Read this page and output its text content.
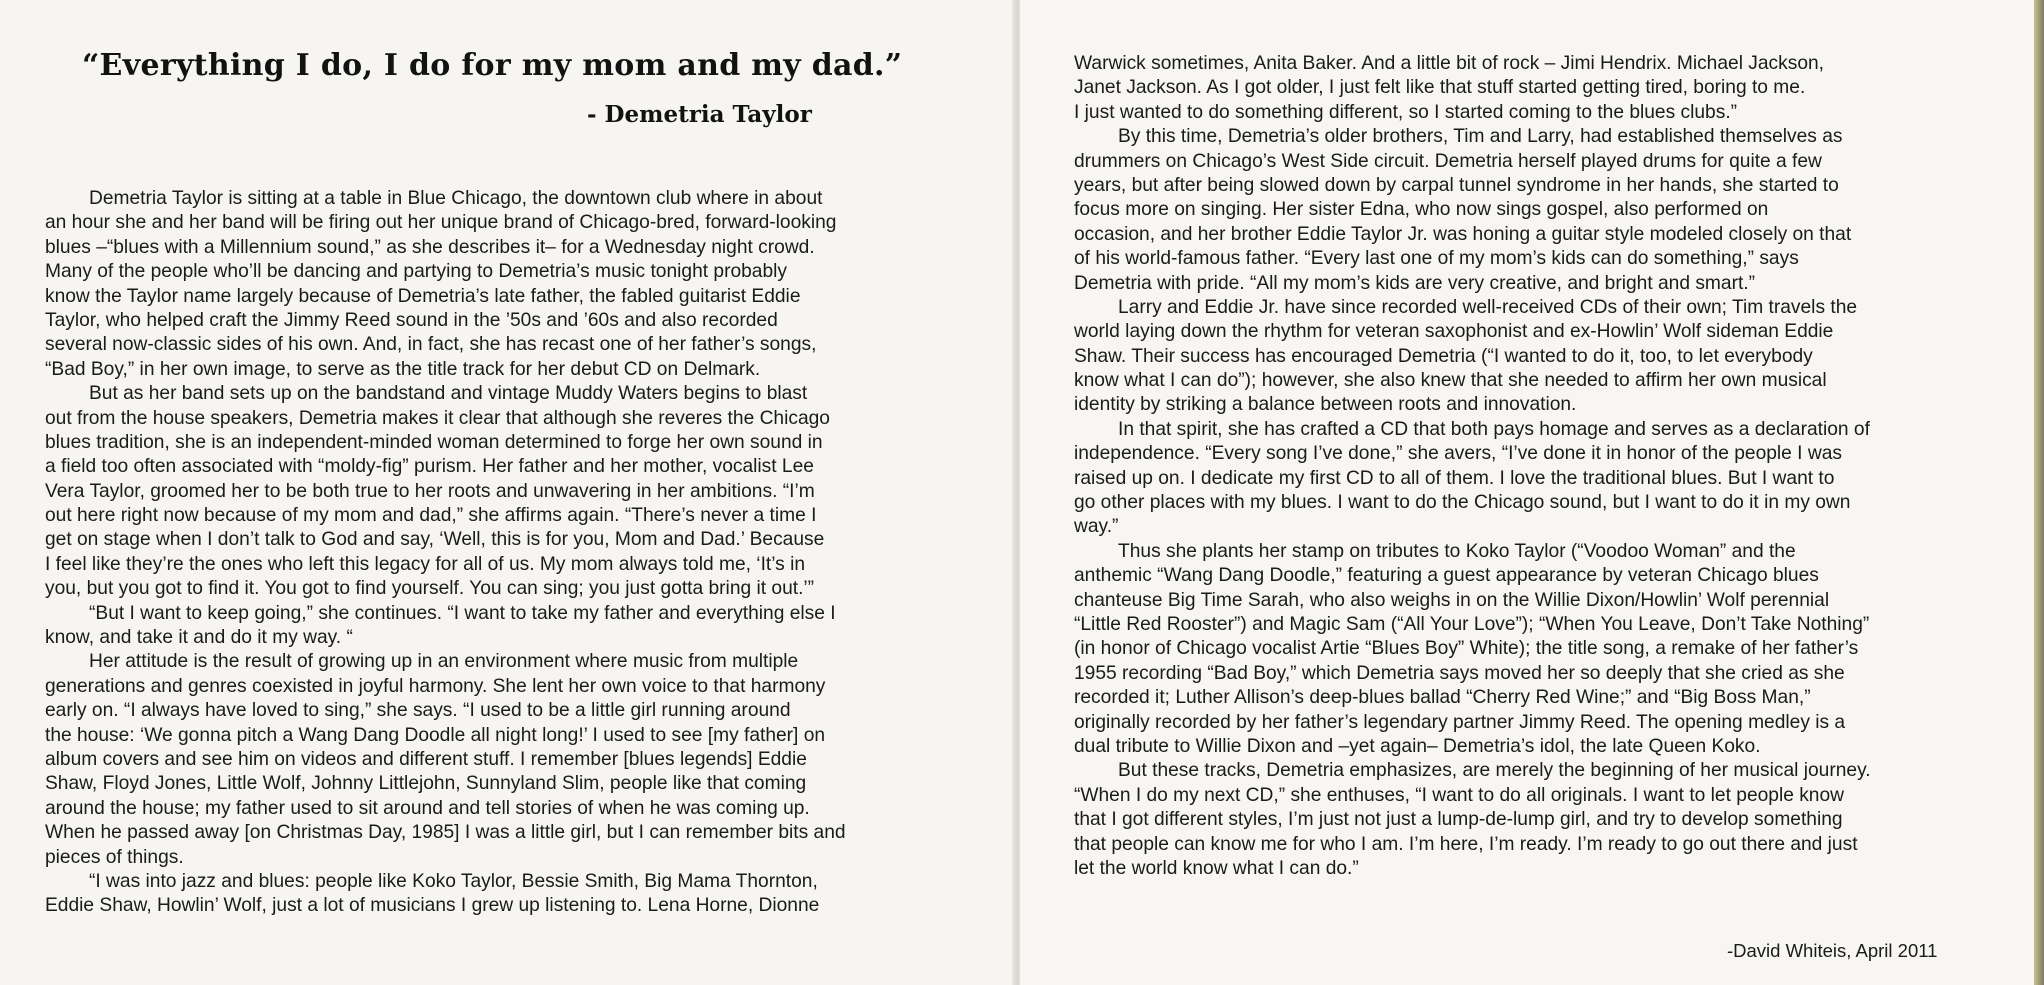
“Everything I do, I do for my mom and my dad.”

- Demetria Taylor

Demetria Taylor is sitting at a table in Blue Chicago, the downtown club where in about
an hour she and her band will be firing out her unique brand of Chicago-bred, forward-looking
blues –“blues with a Millennium sound,” as she describes it– for a Wednesday night crowd.
Many of the people who’ll be dancing and partying to Demetria’s music tonight probably
know the Taylor name largely because of Demetria’s late father, the fabled guitarist Eddie
Taylor, who helped craft the Jimmy Reed sound in the ’50s and ’60s and also recorded
several now-classic sides of his own. And, in fact, she has recast one of her father’s songs,
“Bad Boy,” in her own image, to serve as the title track for her debut CD on Delmark.
But as her band sets up on the bandstand and vintage Muddy Waters begins to blast
out from the house speakers, Demetria makes it clear that although she reveres the Chicago
blues tradition, she is an independent-minded woman determined to forge her own sound in
a field too often associated with “moldy-fig” purism. Her father and her mother, vocalist Lee
Vera Taylor, groomed her to be both true to her roots and unwavering in her ambitions. “I’m
out here right now because of my mom and dad,” she affirms again. “There’s never a time I
get on stage when I don’t talk to God and say, ‘Well, this is for you, Mom and Dad.’ Because
I feel like they’re the ones who left this legacy for all of us. My mom always told me, ‘It’s in
you, but you got to find it. You got to find yourself. You can sing; you just gotta bring it out.’”
“But I want to keep going,” she continues. “I want to take my father and everything else I
know, and take it and do it my way. “
Her attitude is the result of growing up in an environment where music from multiple
generations and genres coexisted in joyful harmony. She lent her own voice to that harmony
early on. “I always have loved to sing,” she says. “I used to be a little girl running around
the house: ‘We gonna pitch a Wang Dang Doodle all night long!’ I used to see [my father] on
album covers and see him on videos and different stuff. I remember [blues legends] Eddie
Shaw, Floyd Jones, Little Wolf, Johnny Littlejohn, Sunnyland Slim, people like that coming
around the house; my father used to sit around and tell stories of when he was coming up.
When he passed away [on Christmas Day, 1985] I was a little girl, but I can remember bits and
pieces of things.
“I was into jazz and blues: people like Koko Taylor, Bessie Smith, Big Mama Thornton,
Eddie Shaw, Howlin’ Wolf, just a lot of musicians I grew up listening to. Lena Horne, Dionne
Warwick sometimes, Anita Baker. And a little bit of rock – Jimi Hendrix. Michael Jackson,
Janet Jackson. As I got older, I just felt like that stuff started getting tired, boring to me.
I just wanted to do something different, so I started coming to the blues clubs.”
By this time, Demetria’s older brothers, Tim and Larry, had established themselves as
drummers on Chicago’s West Side circuit. Demetria herself played drums for quite a few
years, but after being slowed down by carpal tunnel syndrome in her hands, she started to
focus more on singing. Her sister Edna, who now sings gospel, also performed on
occasion, and her brother Eddie Taylor Jr. was honing a guitar style modeled closely on that
of his world-famous father. “Every last one of my mom’s kids can do something,” says
Demetria with pride. “All my mom’s kids are very creative, and bright and smart.”
Larry and Eddie Jr. have since recorded well-received CDs of their own; Tim travels the
world laying down the rhythm for veteran saxophonist and ex-Howlin’ Wolf sideman Eddie
Shaw. Their success has encouraged Demetria (“I wanted to do it, too, to let everybody
know what I can do”); however, she also knew that she needed to affirm her own musical
identity by striking a balance between roots and innovation.
In that spirit, she has crafted a CD that both pays homage and serves as a declaration of
independence. “Every song I’ve done,” she avers, “I’ve done it in honor of the people I was
raised up on. I dedicate my first CD to all of them. I love the traditional blues. But I want to
go other places with my blues. I want to do the Chicago sound, but I want to do it in my own
way.”
Thus she plants her stamp on tributes to Koko Taylor (“Voodoo Woman” and the
anthemic “Wang Dang Doodle,” featuring a guest appearance by veteran Chicago blues
chanteuse Big Time Sarah, who also weighs in on the Willie Dixon/Howlin’ Wolf perennial
“Little Red Rooster”) and Magic Sam (“All Your Love”); “When You Leave, Don’t Take Nothing”
(in honor of Chicago vocalist Artie “Blues Boy” White); the title song, a remake of her father’s
1955 recording “Bad Boy,” which Demetria says moved her so deeply that she cried as she
recorded it; Luther Allison’s deep-blues ballad “Cherry Red Wine;” and “Big Boss Man,”
originally recorded by her father’s legendary partner Jimmy Reed. The opening medley is a
dual tribute to Willie Dixon and –yet again– Demetria’s idol, the late Queen Koko.
But these tracks, Demetria emphasizes, are merely the beginning of her musical journey.
“When I do my next CD,” she enthuses, “I want to do all originals. I want to let people know
that I got different styles, I’m just not just a lump-de-lump girl, and try to develop something
that people can know me for who I am. I’m here, I’m ready. I’m ready to go out there and just
let the world know what I can do.”
-David Whiteis, April 2011
